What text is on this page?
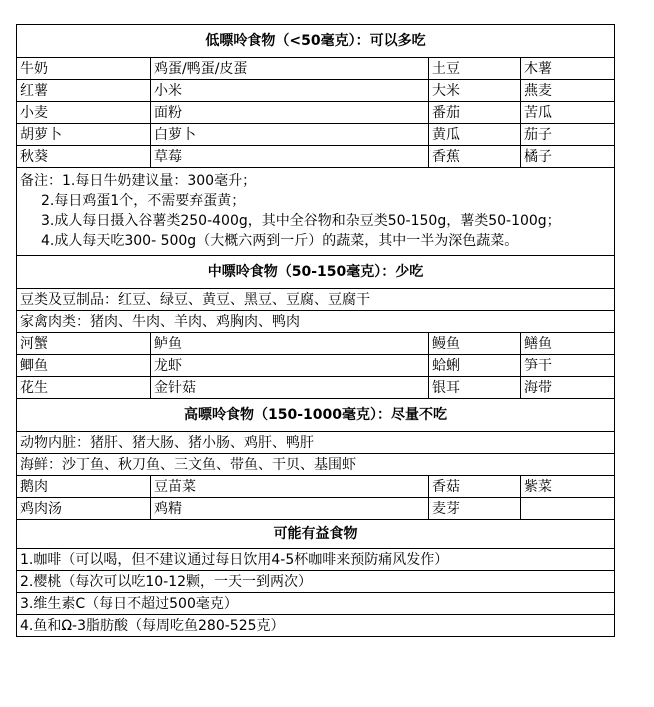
低嘌呤食物（<50毫克）：可以多吃			
牛奶	鸡蛋/鸭蛋/皮蛋	土豆	木薯
红薯	小米	大米	燕麦
小麦	面粉	番茄	苦瓜
胡萝卜	白萝卜	黄瓜	茄子
秋葵	草莓	香蕉	橘子

备注：1.每日牛奶建议量：300毫升；
2.每日鸡蛋1个，不需要弃蛋黄；
3.成人每日摄入谷薯类250-400g，其中全谷物和杂豆类50-150g，薯类50-100g；
4.成人每天吃300- 500g（大概六两到一斤）的蔬菜，其中一半为深色蔬菜。			

中嘌呤食物（50-150毫克）：少吃			
豆类及豆制品：红豆、绿豆、黄豆、黑豆、豆腐、豆腐干			
家禽肉类：猪肉、牛肉、羊肉、鸡胸肉、鸭肉			
河蟹	鲈鱼	鳗鱼	鳝鱼
鲫鱼	龙虾	蛤蜊	笋干
花生	金针菇	银耳	海带
高嘌呤食物（150-1000毫克）：尽量不吃			
动物内脏：猪肝、猪大肠、猪小肠、鸡肝、鸭肝			
海鲜：沙丁鱼、秋刀鱼、三文鱼、带鱼、干贝、基围虾			
鹅肉	豆苗菜	香菇	紫菜
鸡肉汤	鸡精	麦芽	
可能有益食物			
1.咖啡（可以喝，但不建议通过每日饮用4-5杯咖啡来预防痛风发作）			
2.樱桃（每次可以吃10-12颗，一天一到两次）			
3.维生素C（每日不超过500毫克）			
4.鱼和Ω-3脂肪酸（每周吃鱼280-525克）			
